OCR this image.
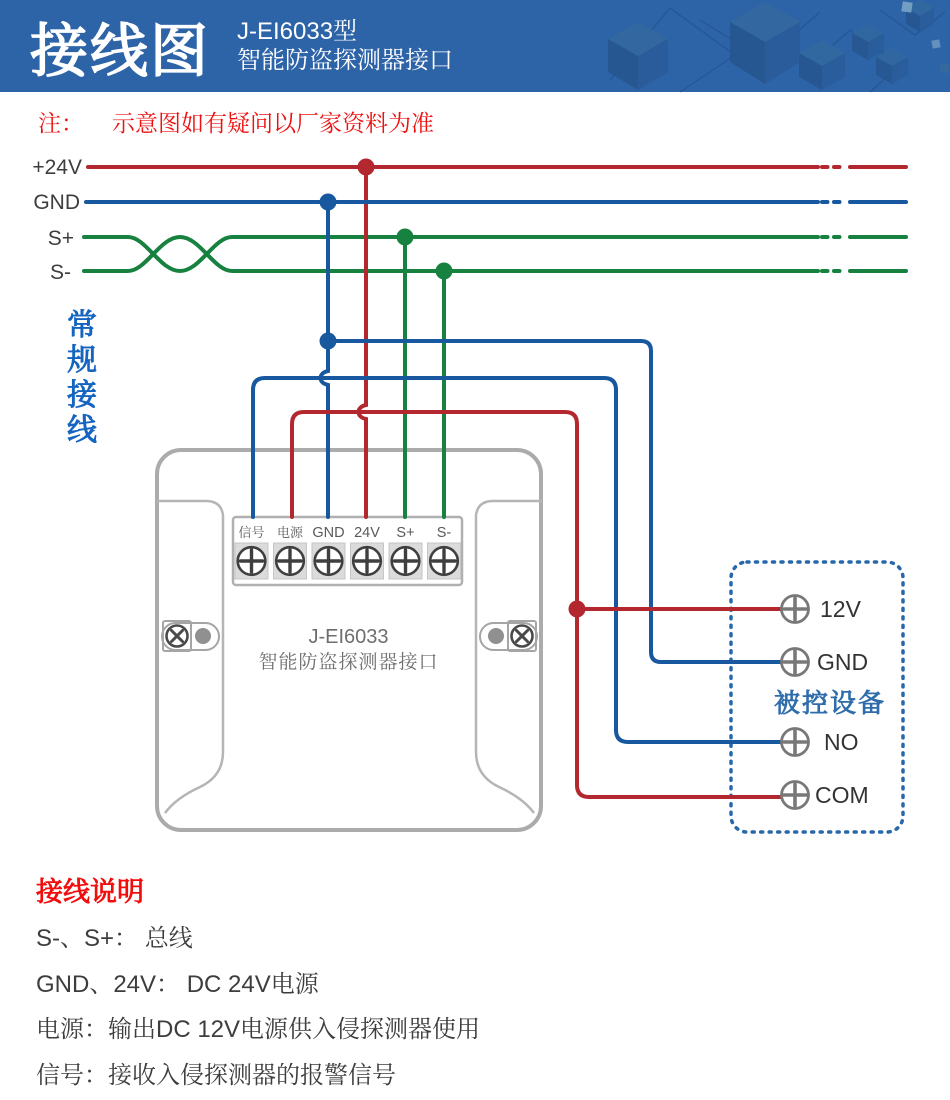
接线图 J-EI6033型
智能防盗探测器接口
注： 示意图如有疑问以厂家资料为准
+24V
GND
S+
S-
常
规
接
线
信号 电源 GND 24V S+ S-
J-EI6033
智能防盗探测器接口
12V
GND
NO
COM
被控设备
接线说明

S-、S+： 总线

GND、24V： DC 24V电源

电源：输出DC 12V电源供入侵探测器使用

信号：接收入侵探测器的报警信号
